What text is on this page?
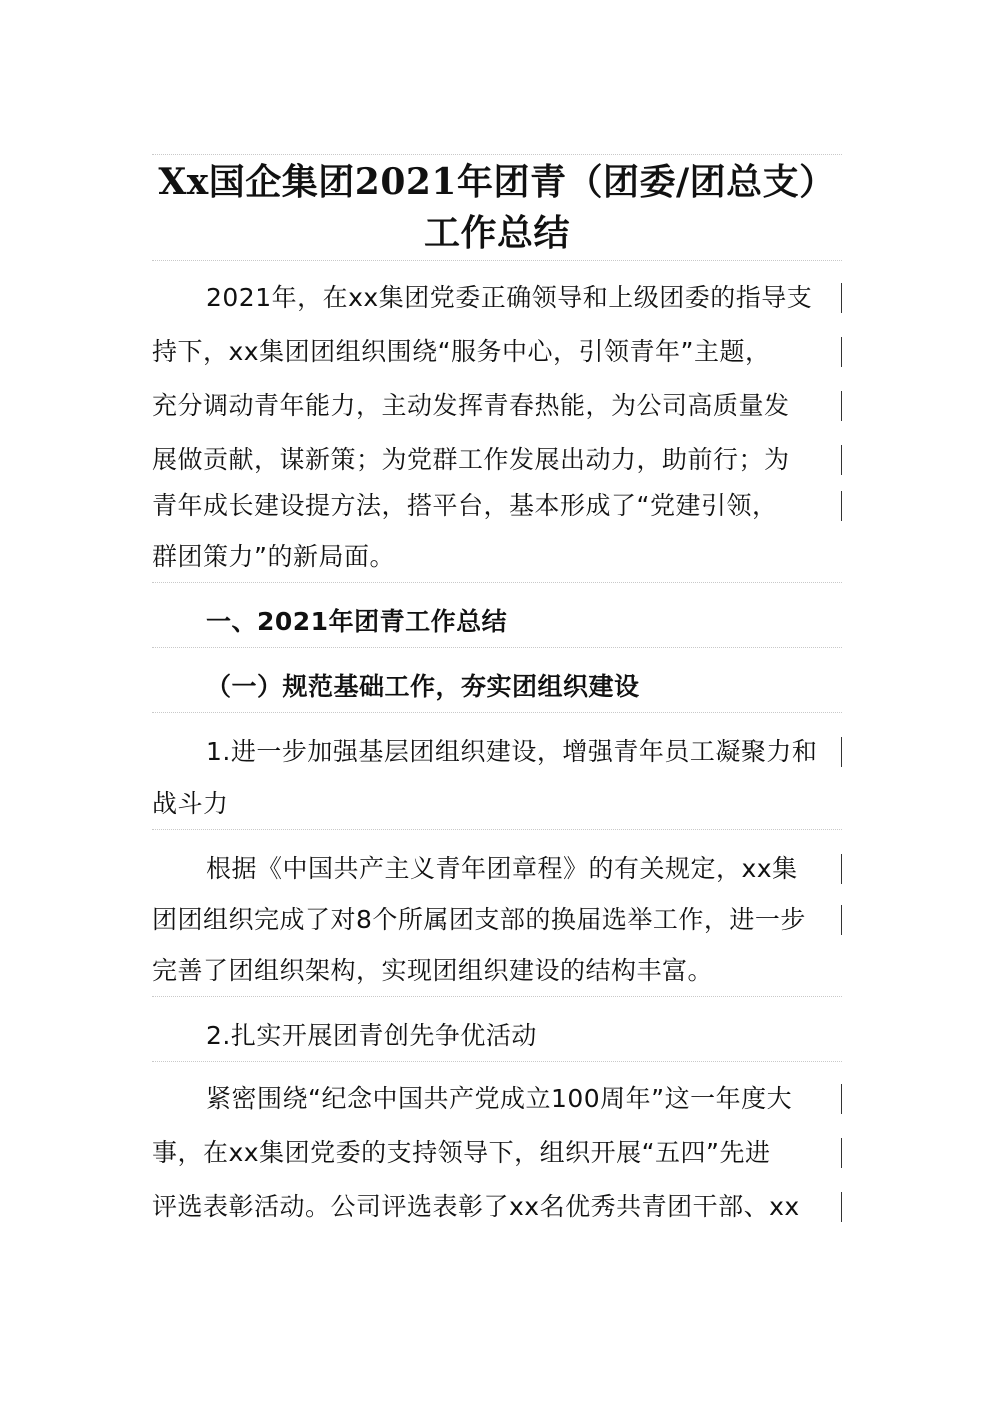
Xx国企集团2021年团青（团委/团总支）
工作总结
2021年，在xx集团党委正确领导和上级团委的指导支
持下，xx集团团组织围绕“服务中心，引领青年”主题，
充分调动青年能力，主动发挥青春热能，为公司高质量发
展做贡献，谋新策；为党群工作发展出动力，助前行；为
青年成长建设提方法，搭平台，基本形成了“党建引领，
群团策力”的新局面。
一、2021年团青工作总结
（一）规范基础工作，夯实团组织建设
1.进一步加强基层团组织建设，增强青年员工凝聚力和
战斗力
根据《中国共产主义青年团章程》的有关规定，xx集
团团组织完成了对8个所属团支部的换届选举工作，进一步
完善了团组织架构，实现团组织建设的结构丰富。
2.扎实开展团青创先争优活动
紧密围绕“纪念中国共产党成立100周年”这一年度大
事，在xx集团党委的支持领导下，组织开展“五四”先进
评选表彰活动。公司评选表彰了xx名优秀共青团干部、xx
